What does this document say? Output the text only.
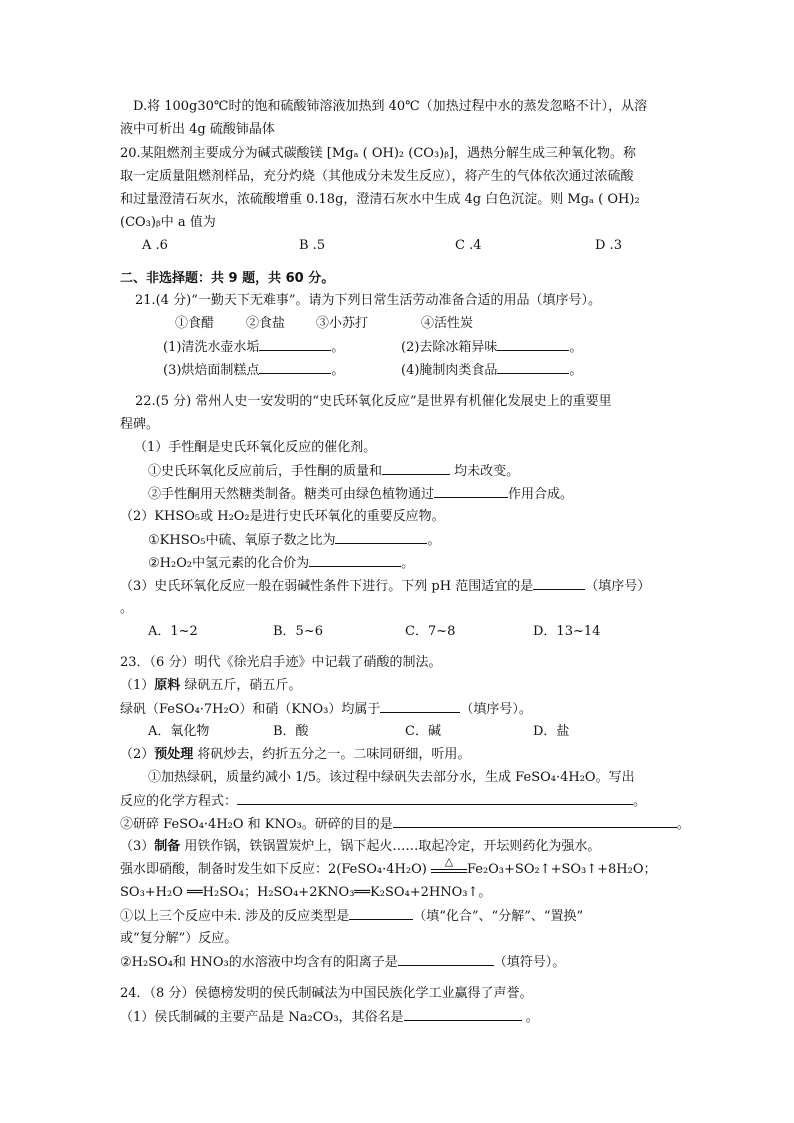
D.将 100g30℃时的饱和硫酸铈溶液加热到 40℃（加热过程中水的蒸发忽略不计），从溶
液中可析出 4g 硫酸铈晶体
20.某阻燃剂主要成分为碱式碳酸镁 [Mgₐ ( OH)₂ (CO₃)ᵦ]，遇热分解生成三种氧化物。称
取一定质量阻燃剂样品，充分灼烧（其他成分未发生反应），将产生的气体依次通过浓硫酸
和过量澄清石灰水，浓硫酸增重 0.18g，澄清石灰水中生成 4g 白色沉淀。则 Mgₐ ( OH)₂
(CO₃)ᵦ中 a 值为
A .6	B .5	C .4	D .3
二、非选择题：共 9 题，共 60 分。
21.(4 分)“一勤天下无难事”。请为下列日常生活劳动准备合适的用品（填序号）。
①食醋 ②食盐 ③小苏打	④活性炭
(1)清洗水壶水垢	。	(2)去除冰箱异味	。
(3)烘焙面制糕点	。	(4)腌制肉类食品	。
22.(5 分) 常州人史一安发明的“史氏环氧化反应”是世界有机催化发展史上的重要里
程碑。
（1）手性酮是史氏环氧化反应的催化剂。
①史氏环氧化反应前后，手性酮的质量和	均未改变。
②手性酮用天然糖类制备。糖类可由绿色植物通过	作用合成。
（2）KHSO₅或 H₂O₂是进行史氏环氧化的重要反应物。
①KHSO₅中硫、氧原子数之比为	。
②H₂O₂中氢元素的化合价为	。
（3）史氏环氧化反应一般在弱碱性条件下进行。下列 pH 范围适宜的是	（填序号）
。
A．1~2	B．5~6	C．7~8	D．13~14
23．（6 分）明代《徐光启手迹》中记载了硝酸的制法。
（1）原料 绿矾五斤，硝五斤。
绿矾（FeSO₄·7H₂O）和硝（KNO₃）均属于	（填序号）。
A．氧化物	B．酸	C．碱	D．盐
（2）预处理 将矾炒去，约折五分之一。二味同研细，听用。
①加热绿矾，质量约减小 1/5。该过程中绿矾失去部分水，生成 FeSO₄·4H₂O。写出
反应的化学方程式：	。
②研碎 FeSO₄·4H₂O 和 KNO₃。研碎的目的是	。
（3）制备 用铁作锅，铁锅置炭炉上，锅下起火……取起冷定，开坛则药化为强水。
强水即硝酸，制备时发生如下反应：2(FeSO₄·4H₂O)
△
Fe₂O₃+SO₂↑+SO₃↑+8H₂O；
SO₃+H₂O ══H₂SO₄；H₂SO₄+2KNO₃══K₂SO₄+2HNO₃↑。
①以上三个反应中未. 涉及的反应类型是	（填“化合”、“分解”、“置换”
或“复分解”）反应。
②H₂SO₄和 HNO₃的水溶液中均含有的阳离子是	（填符号）。
24．（8 分）侯德榜发明的侯氏制碱法为中国民族化学工业赢得了声誉。
（1）侯氏制碱的主要产品是 Na₂CO₃，其俗名是	。
